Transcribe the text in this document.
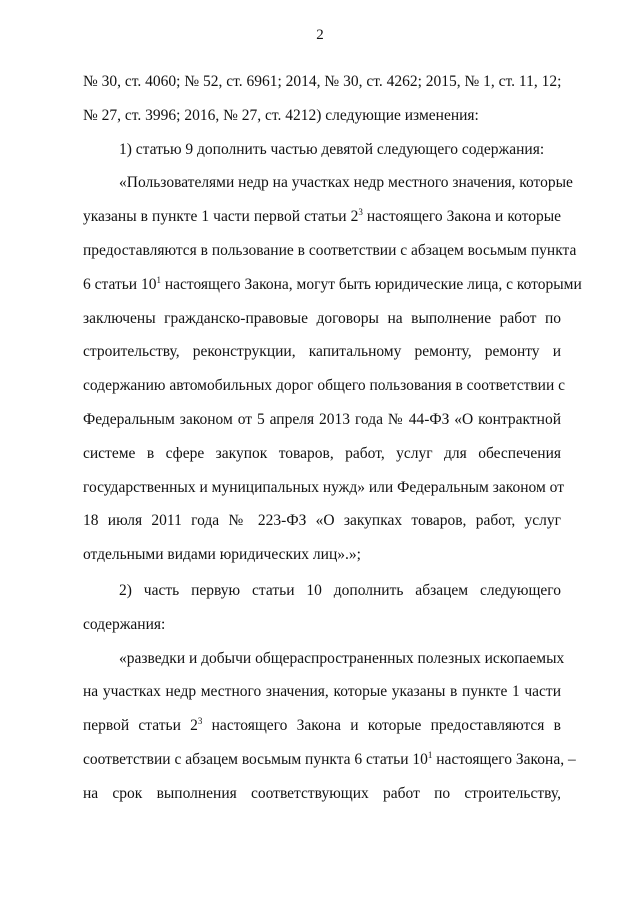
2
№ 30, ст. 4060; № 52, ст. 6961; 2014, № 30, ст. 4262; 2015, № 1, ст. 11, 12;
№ 27, ст. 3996; 2016, № 27, ст. 4212) следующие изменения:
1) статью 9 дополнить частью девятой следующего содержания:
«Пользователями недр на участках недр местного значения, которые
указаны в пункте 1 части первой статьи $2^3$ настоящего Закона и которые
предоставляются в пользование в соответствии с абзацем восьмым пункта
6 статьи $10^1$ настоящего Закона, могут быть юридические лица, с которыми
заключены гражданско-правовые договоры на выполнение работ по
строительству, реконструкции, капитальному ремонту, ремонту и
содержанию автомобильных дорог общего пользования в соответствии с
Федеральным законом от 5 апреля 2013 года № 44-ФЗ «О контрактной
системе в сфере закупок товаров, работ, услуг для обеспечения
государственных и муниципальных нужд» или Федеральным законом от
18 июля 2011 года № 223-ФЗ «О закупках товаров, работ, услуг
отдельными видами юридических лиц».»;
2) часть первую статьи 10 дополнить абзацем следующего
содержания:
«разведки и добычи общераспространенных полезных ископаемых
на участках недр местного значения, которые указаны в пункте 1 части
первой статьи $2^3$ настоящего Закона и которые предоставляются в
соответствии с абзацем восьмым пункта 6 статьи $10^1$ настоящего Закона, –
на срок выполнения соответствующих работ по строительству,
